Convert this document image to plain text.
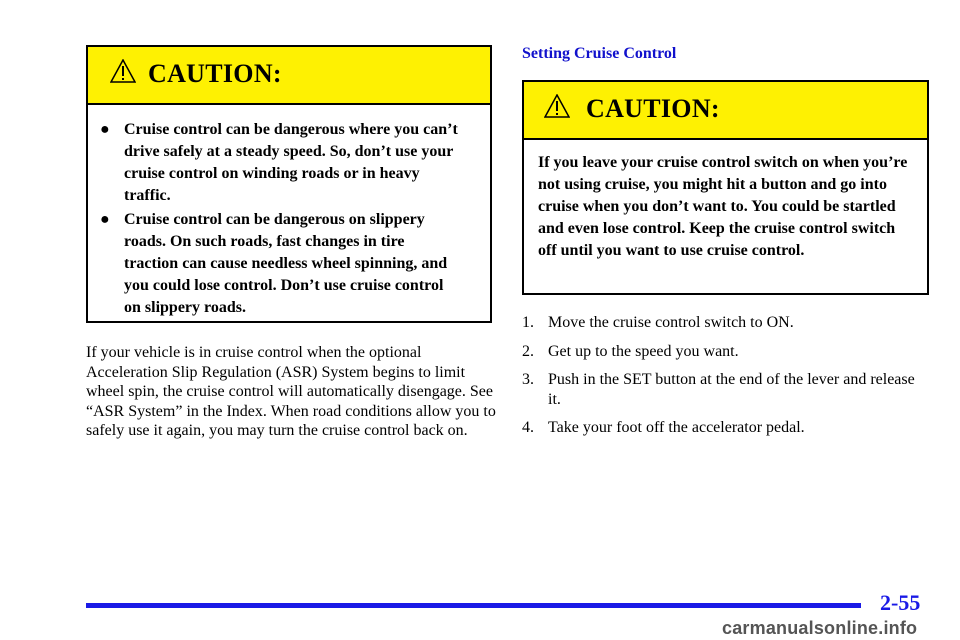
CAUTION:
● Cruise control can be dangerous where you can’t drive safely at a steady speed. So, don’t use your cruise control on winding roads or in heavy traffic.
● Cruise control can be dangerous on slippery roads. On such roads, fast changes in tire traction can cause needless wheel spinning, and you could lose control. Don’t use cruise control on slippery roads.
If your vehicle is in cruise control when the optional Acceleration Slip Regulation (ASR) System begins to limit wheel spin, the cruise control will automatically disengage. See “ASR System” in the Index. When road conditions allow you to safely use it again, you may turn the cruise control back on.
Setting Cruise Control
CAUTION:
If you leave your cruise control switch on when you’re not using cruise, you might hit a button and go into cruise when you don’t want to. You could be startled and even lose control. Keep the cruise control switch off until you want to use cruise control.
1. Move the cruise control switch to ON.
2. Get up to the speed you want.
3. Push in the SET button at the end of the lever and release it.
4. Take your foot off the accelerator pedal.
2-55
carmanualsonline.info
